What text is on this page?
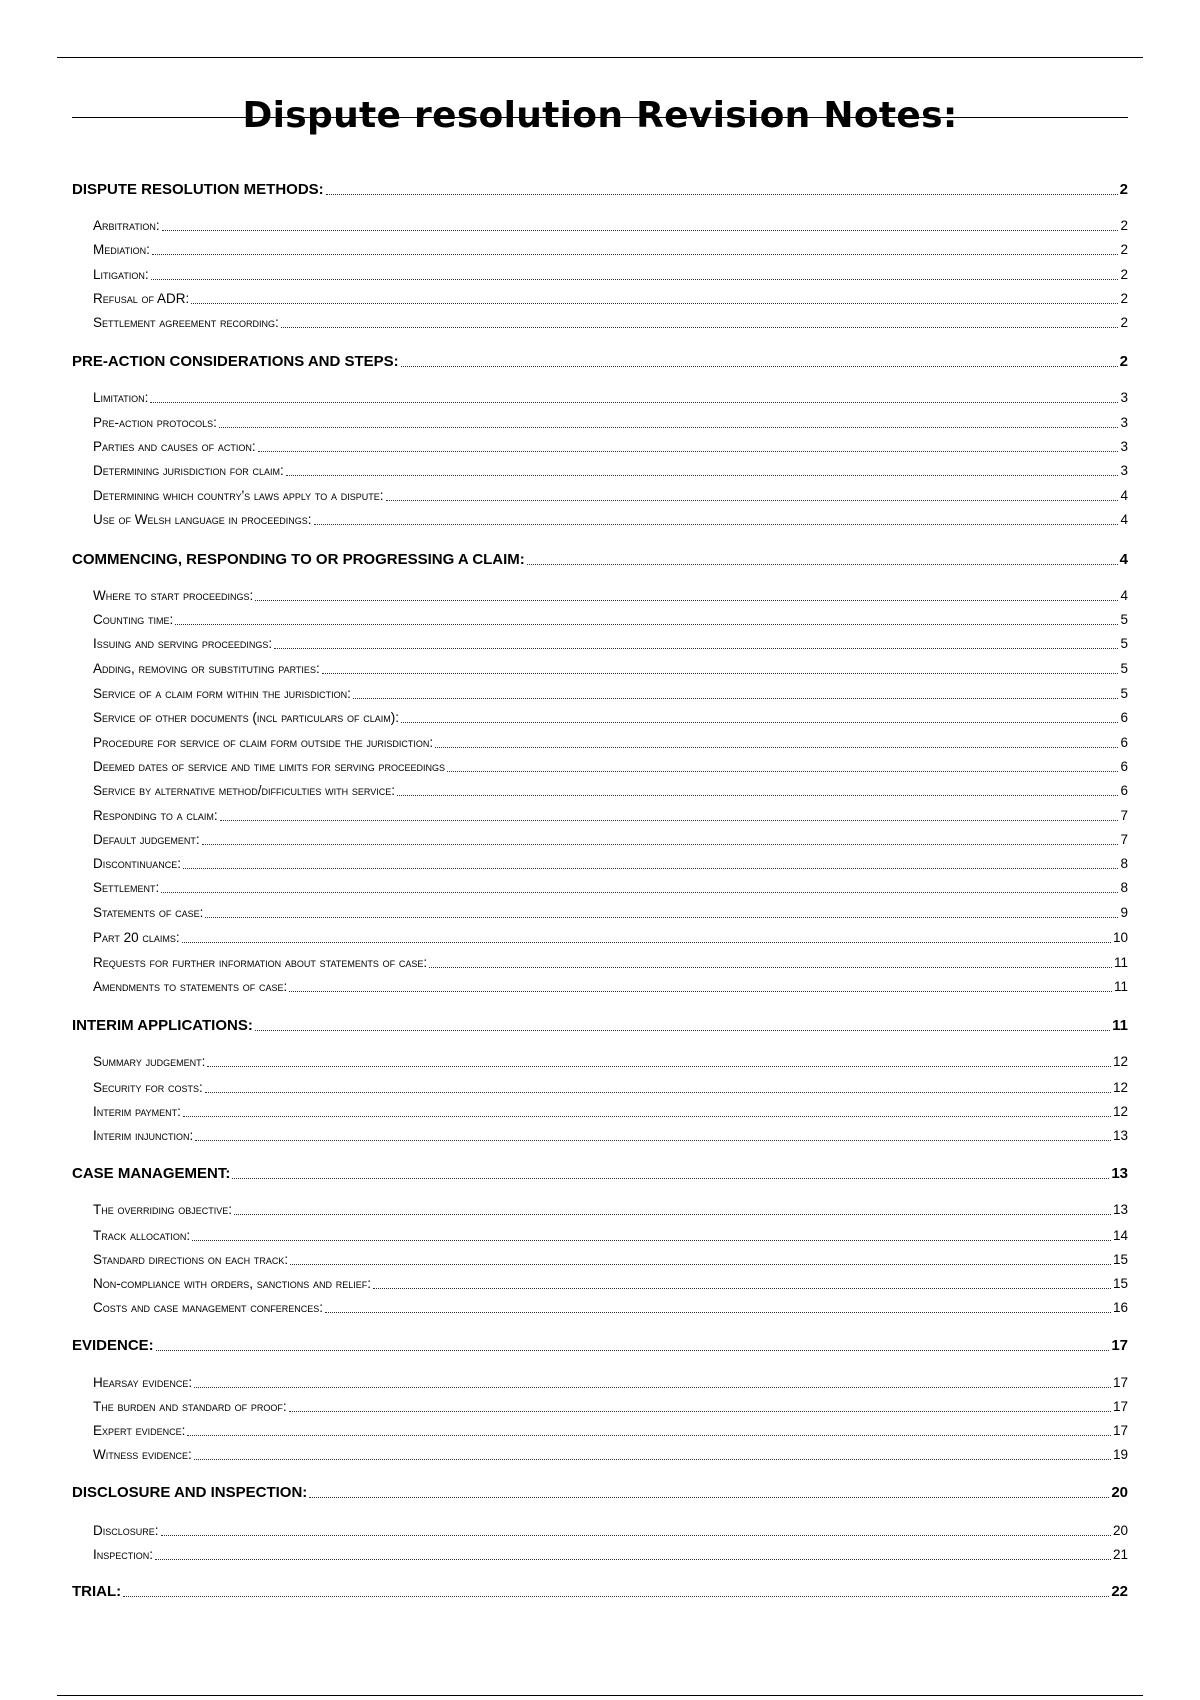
Dispute resolution Revision Notes:
DISPUTE RESOLUTION METHODS:	2
Arbitration:	2
Mediation:	2
Litigation:	2
Refusal of ADR:	2
Settlement agreement recording:	2
PRE-ACTION CONSIDERATIONS AND STEPS:	2
Limitation:	3
Pre-action protocols:	3
Parties and causes of action:	3
Determining jurisdiction for claim:	3
Determining which country's laws apply to a dispute:	4
Use of Welsh language in proceedings:	4
COMMENCING, RESPONDING TO OR PROGRESSING A CLAIM:	4
Where to start proceedings:	4
Counting time:	5
Issuing and serving proceedings:	5
Adding, removing or substituting parties:	5
Service of a claim form within the jurisdiction:	5
Service of other documents (incl particulars of claim):	6
Procedure for service of claim form outside the jurisdiction:	6
Deemed dates of service and time limits for serving proceedings	6
Service by alternative method/difficulties with service:	6
Responding to a claim:	7
Default judgement:	7
Discontinuance:	8
Settlement:	8
Statements of case:	9
Part 20 claims:	10
Requests for further information about statements of case:	11
Amendments to statements of case:	11
INTERIM APPLICATIONS:	11
Summary judgement:	12
Security for costs:	12
Interim payment:	12
Interim injunction:	13
CASE MANAGEMENT:	13
The overriding objective:	13
Track allocation:	14
Standard directions on each track:	15
Non-compliance with orders, sanctions and relief:	15
Costs and case management conferences:	16
EVIDENCE:	17
Hearsay evidence:	17
The burden and standard of proof:	17
Expert evidence:	17
Witness evidence:	19
DISCLOSURE AND INSPECTION:	20
Disclosure:	20
Inspection:	21
TRIAL:	22
